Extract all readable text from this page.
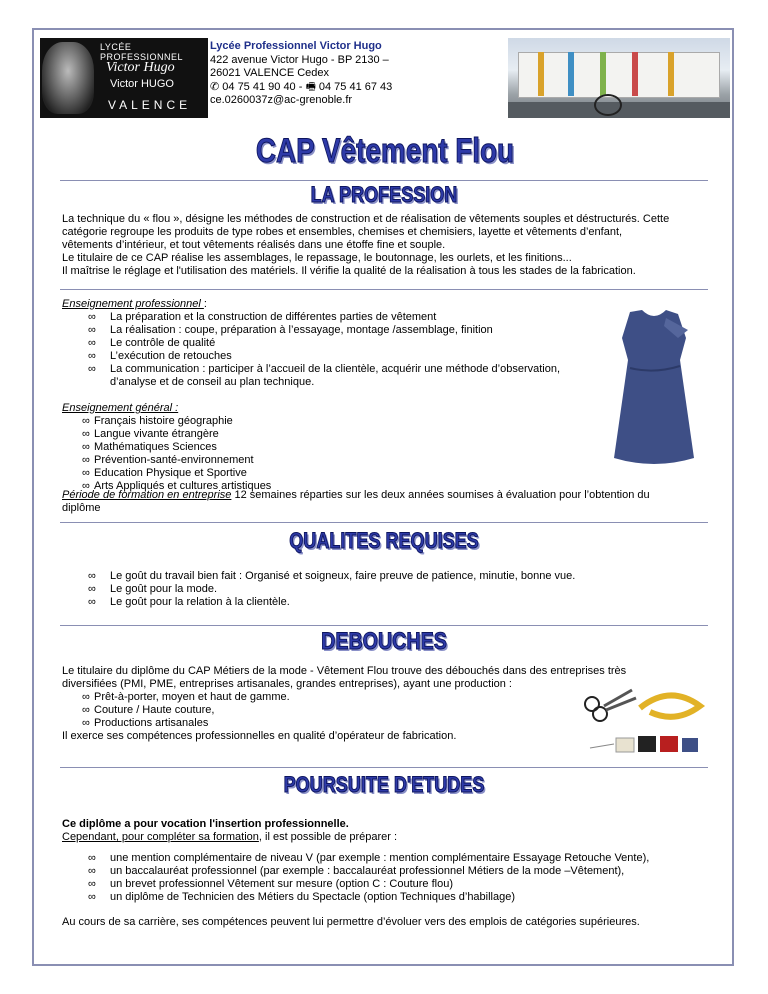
LYCÉE PROFESSIONNEL
Victor Hugo
Victor HUGO
VALENCE
Lycée Professionnel Victor Hugo
422 avenue Victor Hugo - BP 2130 –
26021 VALENCE Cedex
✆ 04 75 41 90 40 - 🖷 04 75 41 67 43
ce.0260037z@ac-grenoble.fr
CAP Vêtement Flou
LA PROFESSION
La technique du « flou », désigne les méthodes de construction et de réalisation de vêtements souples et déstructurés. Cette
catégorie regroupe les produits de type robes et ensembles, chemises et chemisiers, layette et vêtements d’enfant,
vêtements d’intérieur, et tout vêtements réalisés dans une étoffe fine et souple.
Le titulaire de ce CAP réalise les assemblages, le repassage, le boutonnage, les ourlets, et les finitions...
Il maîtrise le réglage et l'utilisation des matériels. Il vérifie la qualité de la réalisation à tous les stades de la fabrication.
Enseignement professionnel :
∞ La préparation et la construction de différentes parties de vêtement
∞ La réalisation : coupe, préparation à l’essayage, montage /assemblage, finition
∞ Le contrôle de qualité
∞ L’exécution de retouches
∞ La communication : participer à l’accueil de la clientèle, acquérir une méthode d’observation,
d’analyse et de conseil au plan technique.
Enseignement général :
∞ Français histoire géographie
∞ Langue vivante étrangère
∞ Mathématiques Sciences
∞ Prévention-santé-environnement
∞ Education Physique et Sportive
∞ Arts Appliqués et cultures artistiques
Période de formation en entreprise 12 semaines réparties sur les deux années soumises à évaluation pour l’obtention du
diplôme
QUALITES REQUISES
∞ Le goût du travail bien fait : Organisé et soigneux, faire preuve de patience, minutie, bonne vue.
∞ Le goût pour la mode.
∞ Le goût pour la relation à la clientèle.
DEBOUCHES
Le titulaire du diplôme du CAP Métiers de la mode - Vêtement Flou trouve des débouchés dans des entreprises très
diversifiées (PMI, PME, entreprises artisanales, grandes entreprises), ayant une production :
∞ Prêt-à-porter, moyen et haut de gamme.
∞ Couture / Haute couture,
∞ Productions artisanales
Il exerce ses compétences professionnelles en qualité d’opérateur de fabrication.
POURSUITE D'ETUDES
Ce diplôme a pour vocation l'insertion professionnelle.
Cependant, pour compléter sa formation, il est possible de préparer :
∞ une mention complémentaire de niveau V (par exemple : mention complémentaire Essayage Retouche Vente),
∞ un baccalauréat professionnel (par exemple : baccalauréat professionnel Métiers de la mode –Vêtement),
∞ un brevet professionnel Vêtement sur mesure (option C : Couture flou)
∞ un diplôme de Technicien des Métiers du Spectacle (option Techniques d’habillage)
Au cours de sa carrière, ses compétences peuvent lui permettre d’évoluer vers des emplois de catégories supérieures.
